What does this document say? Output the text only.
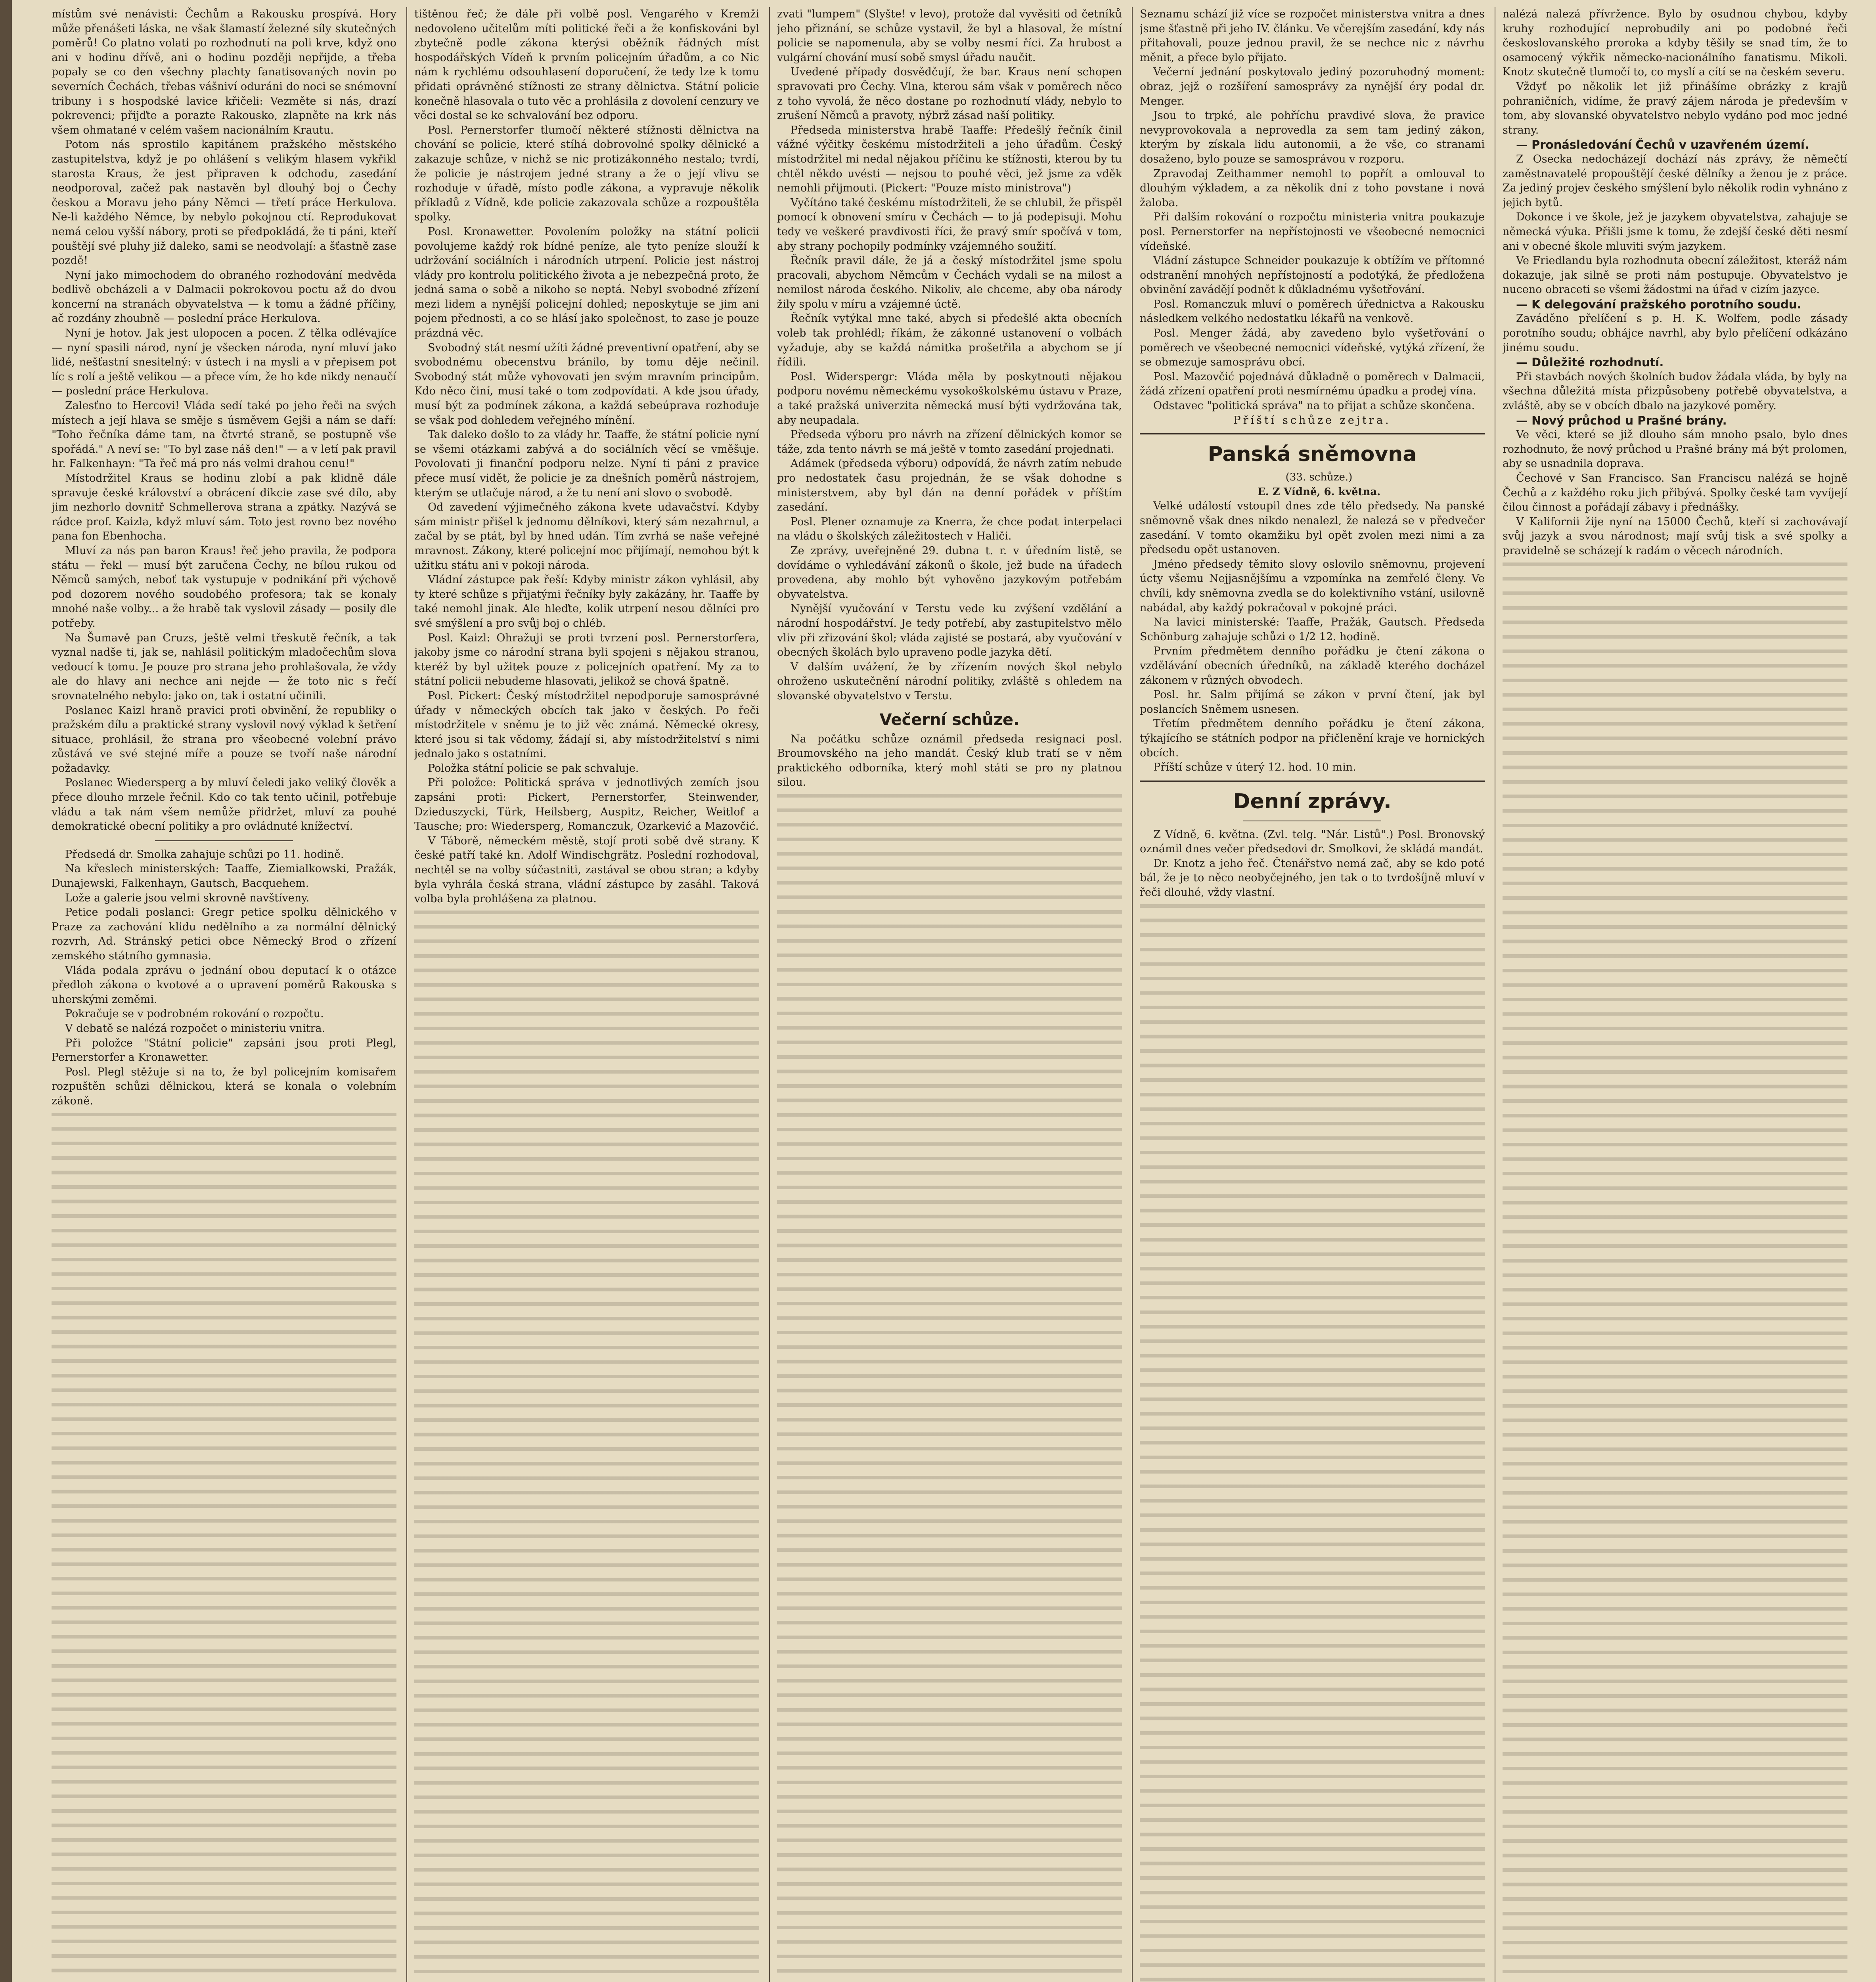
místům své nenávisti: Čechům a Rakousku prospívá. Hory může přenášeti láska, ne však šlamastí železné síly skutečných poměrů! Co platno volati po rozhodnutí na poli krve, když ono ani v hodinu dřívě, ani o hodinu později nepřijde, a třeba popaly se co den všechny plachty fanatisovaných novin po severních Čechách, třebas vášniví oduráni do noci se snémovní tribuny i s hospodské lavice křičeli: Vezměte si nás, drazí pokrevenci; přijďte a porazte Rakousko, zlapněte na krk nás všem ohmatané v celém vašem nacionálním Krautu.

Potom nás sprostilo kapitánem pražského městského zastupitelstva, když je po ohlášení s velikým hlasem vykřikl starosta Kraus, že jest připraven k odchodu, zasedání neodporoval, začež pak nastavěn byl dlouhý boj o Čechy českou a Moravu jeho pány Němci — třetí práce Herkulova. Ne-li každého Němce, by nebylo pokojnou ctí. Reprodukovat nemá celou vyšší nábory, proti se předpokládá, že ti páni, kteří pouštějí své pluhy již daleko, sami se neodvolají: a šťastně zase pozdě!

Nyní jako mimochodem do obraného rozhodování medvěda bedlivě obcházeli a v Dalmacii pokrokovou poctu až do dvou koncerní na stranách obyvatelstva — k tomu a žádné příčiny, ač rozdány zhoubně — poslední práce Herkulova.

Nyní je hotov. Jak jest ulopocen a pocen. Z tělka odlévajíce — nyní spasili národ, nyní je všecken národa, nyní mluví jako lidé, nešťastní snesitelný: v ústech i na mysli a v přepisem pot líc s rolí a ještě velikou — a přece vím, že ho kde nikdy nenaučí — poslední práce Herkulova.

Zalesťno to Hercovi! Vláda sedí také po jeho řeči na svých místech a její hlava se směje s úsměvem Gejši a nám se daří: "Toho řečníka dáme tam, na čtvrté straně, se postupně vše spořádá." A neví se: "To byl zase náš den!" — a v letí pak pravil hr. Falkenhayn: "Ta řeč má pro nás velmi drahou cenu!"

Místodržitel Kraus se hodinu zlobí a pak klidně dále spravuje české království a obrácení dikcie zase své dílo, aby jim nezhorlo dovnitř Schmellerova strana a zpátky. Nazývá se rádce prof. Kaizla, když mluví sám. Toto jest rovno bez nového pana fon Ebenhocha.

Mluví za nás pan baron Kraus! řeč jeho pravila, že podpora státu — řekl — musí být zaručena Čechy, ne bílou rukou od Němců samých, neboť tak vystupuje v podnikání při výchově pod dozorem nového soudobého profesora; tak se konaly mnohé naše volby... a že hrabě tak vyslovil zásady — posily dle potřeby.

Na Šumavě pan Cruzs, ještě velmi třeskutě řečník, a tak vyznal nadše ti, jak se, nahlásil politickým mladočechům slova vedoucí k tomu. Je pouze pro strana jeho prohlašovala, že vždy ale do hlavy ani nechce ani nejde — že toto nic s řečí srovnatelného nebylo: jako on, tak i ostatní učinili.

Poslanec Kaizl hraně pravici proti obvinění, že republiky o pražském dílu a praktické strany vyslovil nový výklad k šetření situace, prohlásil, že strana pro všeobecné volební právo zůstává ve své stejné míře a pouze se tvoří naše národní požadavky.

Poslanec Wiedersperg a by mluví čeledi jako veliký člověk a přece dlouho mrzele řečnil. Kdo co tak tento učinil, potřebuje vládu a tak nám všem nemůže přidržet, mluví za pouhé demokratické obecní politiky a pro ovládnuté knížectví.

Předsedá dr. Smolka zahajuje schůzi po 11. hodině.

Na křeslech ministerských: Taaffe, Ziemialkowski, Pražák, Dunajewski, Falkenhayn, Gautsch, Bacquehem.

Lože a galerie jsou velmi skrovně navštíveny.

Petice podali poslanci: Gregr petice spolku dělnického v Praze za zachování klidu nedělního a za normální dělnický rozvrh, Ad. Stránský petici obce Německý Brod o zřízení zemského státního gymnasia.

Vláda podala zprávu o jednání obou deputací k o otázce předloh zákona o kvotové a o upravení poměrů Rakouska s uherskými zeměmi.

Pokračuje se v podrobném rokování o rozpočtu.

V debatě se nalézá rozpočet o ministeriu vnitra.

Při položce "Státní policie" zapsáni jsou proti Plegl, Pernerstorfer a Kronawetter.

Posl. Plegl stěžuje si na to, že byl policejním komisařem rozpuštěn schůzi dělnickou, která se konala o volebním zákoně.

tištěnou řeč; že dále při volbě posl. Vengarého v Kremži nedovoleno učitelům míti politické řeči a že konfiskováni byl zbytečně podle zákona kterýsi oběžník řádných míst hospodářských Vídeň k prvním policejním úřadům, a co Nic nám k rychlému odsouhlasení doporučení, že tedy lze k tomu přidati oprávněné stížnosti ze strany dělnictva. Státní policie konečně hlasovala o tuto věc a prohlásila z dovolení cenzury ve věci dostal se ke schvalování bez odporu.

Posl. Pernerstorfer tlumočí některé stížnosti dělnictva na chování se policie, které stíhá dobrovolné spolky dělnické a zakazuje schůze, v nichž se nic protizákonného nestalo; tvrdí, že policie je nástrojem jedné strany a že o její vlivu se rozhoduje v úřadě, místo podle zákona, a vypravuje několik příkladů z Vídně, kde policie zakazovala schůze a rozpouštěla spolky.

Posl. Kronawetter. Povolením položky na státní policii povolujeme každý rok bídné peníze, ale tyto peníze slouží k udržování sociálních i národních utrpení. Policie jest nástroj vlády pro kontrolu politického života a je nebezpečná proto, že jedná sama o sobě a nikoho se neptá. Nebyl svobodné zřízení mezi lidem a nynější policejní dohled; neposkytuje se jim ani pojem přednosti, a co se hlásí jako společnost, to zase je pouze prázdná věc.

Svobodný stát nesmí užíti žádné preventivní opatření, aby se svobodnému obecenstvu bránilo, by tomu děje nečinil. Svobodný stát může vyhovovati jen svým mravním principům. Kdo něco činí, musí také o tom zodpovídati. A kde jsou úřady, musí být za podmínek zákona, a každá sebeúprava rozhoduje se však pod dohledem veřejného mínění.

Tak daleko došlo to za vlády hr. Taaffe, že státní policie nyní se všemi otázkami zabývá a do sociálních věcí se vměšuje. Povolovati ji finanční podporu nelze. Nyní ti páni z pravice přece musí vidět, že policie je za dnešních poměrů nástrojem, kterým se utlačuje národ, a že tu není ani slovo o svobodě.

Od zavedení výjimečného zákona kvete udavačství. Kdyby sám ministr přišel k jednomu dělníkovi, který sám nezahrnul, a začal by se ptát, byl by hned udán. Tím zvrhá se naše veřejné mravnost. Zákony, které policejní moc přijímají, nemohou být k užitku státu ani v pokoji národa.

Vládní zástupce pak řeší: Kdyby ministr zákon vyhlásil, aby ty které schůze s přijatými řečníky byly zakázány, hr. Taaffe by také nemohl jinak. Ale hleďte, kolik utrpení nesou dělníci pro své smýšlení a pro svůj boj o chléb.

Posl. Kaizl: Ohražuji se proti tvrzení posl. Pernerstorfera, jakoby jsme co národní strana byli spojeni s nějakou stranou, kteréž by byl užitek pouze z policejních opatření. My za to státní policii nebudeme hlasovati, jelikož se chová špatně.

Posl. Pickert: Český místodržitel nepodporuje samosprávné úřady v německých obcích tak jako v českých. Po řeči místodržitele v sněmu je to již věc známá. Německé okresy, které jsou si tak vědomy, žádají si, aby místodržitelství s nimi jednalo jako s ostatními.

Položka státní policie se pak schvaluje.

Při položce: Politická správa v jednotlivých zemích jsou zapsáni proti: Pickert, Pernerstorfer, Steinwender, Dzieduszycki, Türk, Heilsberg, Auspitz, Reicher, Weitlof a Tausche; pro: Wiedersperg, Romanczuk, Ozarkević a Mazovčić.

V Táborě, německém městě, stojí proti sobě dvě strany. K české patří také kn. Adolf Windischgrätz. Poslední rozhodoval, nechtěl se na volby súčastniti, zastával se obou stran; a kdyby byla vyhrála česká strana, vládní zástupce by zasáhl. Taková volba byla prohlášena za platnou.

zvati "lumpem" (Slyšte! v levo), protože dal vyvěsiti od četníků jeho přiznání, se schůze vystavil, že byl a hlasoval, že místní policie se napomenula, aby se volby nesmí říci. Za hrubost a vulgární chování musí sobě smysl úřadu naučit.

Uvedené případy dosvědčují, že bar. Kraus není schopen spravovati pro Čechy. Vlna, kterou sám však v poměrech něco z toho vyvolá, že něco dostane po rozhodnutí vlády, nebylo to zrušení Němců a pravoty, nýbrž zásad naší politiky.

Předseda ministerstva hrabě Taaffe: Předešlý řečník činil vážné výčitky českému místodržiteli a jeho úřadům. Český místodržitel mi nedal nějakou příčinu ke stížnosti, kterou by tu chtěl někdo uvésti — nejsou to pouhé věci, jež jsme za vděk nemohli přijmouti. (Pickert: "Pouze místo ministrova")

Vyčítáno také českému místodržiteli, že se chlubil, že přispěl pomocí k obnovení smíru v Čechách — to já podepisuji. Mohu tedy ve veškeré pravdivosti říci, že pravý smír spočívá v tom, aby strany pochopily podmínky vzájemného soužití.

Řečník pravil dále, že já a český místodržitel jsme spolu pracovali, abychom Němcům v Čechách vydali se na milost a nemilost národa českého. Nikoliv, ale chceme, aby oba národy žily spolu v míru a vzájemné úctě.

Řečník vytýkal mne také, abych si předešlé akta obecních voleb tak prohlédl; říkám, že zákonné ustanovení o volbách vyžaduje, aby se každá námitka prošetřila a abychom se jí řídili.

Posl. Widerspergr: Vláda měla by poskytnouti nějakou podporu novému německému vysokoškolskému ústavu v Praze, a také pražská univerzita německá musí býti vydržována tak, aby neupadala.

Předseda výboru pro návrh na zřízení dělnických komor se táže, zda tento návrh se má ještě v tomto zasedání projednati.

Adámek (předseda výboru) odpovídá, že návrh zatím nebude pro nedostatek času projednán, že se však dohodne s ministerstvem, aby byl dán na denní pořádek v příštím zasedání.

Posl. Plener oznamuje za Knerra, že chce podat interpelaci na vládu o školských záležitostech v Haliči.

Ze zprávy, uveřejněné 29. dubna t. r. v úředním listě, se dovídáme o vyhledávání zákonů o škole, jež bude na úřadech provedena, aby mohlo být vyhověno jazykovým potřebám obyvatelstva.

Nynější vyučování v Terstu vede ku zvýšení vzdělání a národní hospodářství. Je tedy potřebí, aby zastupitelstvo mělo vliv při zřizování škol; vláda zajisté se postará, aby vyučování v obecných školách bylo upraveno podle jazyka dětí.

V dalším uvážení, že by zřízením nových škol nebylo ohroženo uskutečnění národní politiky, zvláště s ohledem na slovanské obyvatelstvo v Terstu.

Večerní schůze.

Na počátku schůze oznámil předseda resignaci posl. Broumovského na jeho mandát. Český klub tratí se v něm praktického odborníka, který mohl státi se pro ny platnou silou.

Seznamu schází již více se rozpočet ministerstva vnitra a dnes jsme šťastně při jeho IV. článku. Ve včerejším zasedání, kdy nás přitahovali, pouze jednou pravil, že se nechce nic z návrhu měnit, a přece bylo přijato.

Večerní jednání poskytovalo jediný pozoruhodný moment: obraz, jejž o rozšíření samosprávy za nynější éry podal dr. Menger.

Jsou to trpké, ale pohříchu pravdivé slova, že pravice nevyprovokovala a neprovedla za sem tam jediný zákon, kterým by získala lidu autonomii, a že vše, co stranami dosaženo, bylo pouze se samosprávou v rozporu.

Zpravodaj Zeithammer nemohl to popřít a omlouval to dlouhým výkladem, a za několik dní z toho povstane i nová žaloba.

Při dalším rokování o rozpočtu ministeria vnitra poukazuje posl. Pernerstorfer na nepřístojnosti ve všeobecné nemocnici vídeňské.

Vládní zástupce Schneider poukazuje k obtížím ve přítomné odstranění mnohých nepřístojností a podotýká, že předložena obvinění zavádějí podnět k důkladnému vyšetřování.

Posl. Romanczuk mluví o poměrech úřednictva a Rakousku následkem velkého nedostatku lékařů na venkově.

Posl. Menger žádá, aby zavedeno bylo vyšetřování o poměrech ve všeobecné nemocnici vídeňské, vytýká zřízení, že se obmezuje samosprávu obcí.

Posl. Mazovčić pojednává důkladně o poměrech v Dalmacii, žádá zřízení opatření proti nesmírnému úpadku a prodej vína.

Odstavec "politická správa" na to přijat a schůze skončena.

Příští schůze zejtra.

Panská sněmovna

(33. schůze.)

E. Z Vídně, 6. května.

Velké událostí vstoupil dnes zde tělo předsedy. Na panské sněmovně však dnes nikdo nenalezl, že nalezá se v předvečer zasedání. V tomto okamžiku byl opět zvolen mezi nimi a za předsedu opět ustanoven.

Jméno předsedy těmito slovy oslovilo sněmovnu, projevení úcty všemu Nejjasnějšímu a vzpomínka na zemřelé členy. Ve chvíli, kdy sněmovna zvedla se do kolektivního vstání, usilovně nabádal, aby každý pokračoval v pokojné práci.

Na lavici ministerské: Taaffe, Pražák, Gautsch. Předseda Schönburg zahajuje schůzi o 1/2 12. hodině.

Prvním předmětem denního pořádku je čtení zákona o vzdělávání obecních úředníků, na základě kterého docházel zákonem v různých obvodech.

Posl. hr. Salm přijímá se zákon v první čtení, jak byl poslancích Sněmem usnesen.

Třetím předmětem denního pořádku je čtení zákona, týkajícího se státních podpor na přičlenění kraje ve hornických obcích.

Příští schůze v úterý 12. hod. 10 min.

Denní zprávy.

Z Vídně, 6. května. (Zvl. telg. "Nár. Listů".) Posl. Bronovský oznámil dnes večer předsedovi dr. Smolkovi, že skládá mandát.

Dr. Knotz a jeho řeč. Čtenářstvo nemá zač, aby se kdo poté bál, že je to něco neobyčejného, jen tak o to tvrdošíjně mluví v řeči dlouhé, vždy vlastní.

nalézá nalezá přívržence. Bylo by osudnou chybou, kdyby kruhy rozhodující neprobudily ani po podobné řeči českoslovanského proroka a kdyby těšily se snad tím, že to osamocený výkřik německo-nacionálního fanatismu. Mikoli. Knotz skutečně tlumočí to, co myslí a cítí se na českém severu.

Vždyť po několik let již přinášíme obrázky z krajů pohraničních, vidíme, že pravý zájem národa je především v tom, aby slovanské obyvatelstvo nebylo vydáno pod moc jedné strany.

— Pronásledování Čechů v uzavřeném území.

Z Osecka nedocházejí dochází nás zprávy, že němečtí zaměstnavatelé propouštějí české dělníky a ženou je z práce. Za jediný projev českého smýšlení bylo několik rodin vyhnáno z jejich bytů.

Dokonce i ve škole, jež je jazykem obyvatelstva, zahajuje se německá výuka. Přišli jsme k tomu, že zdejší české děti nesmí ani v obecné škole mluviti svým jazykem.

Ve Friedlandu byla rozhodnuta obecní záležitost, kteráž nám dokazuje, jak silně se proti nám postupuje. Obyvatelstvo je nuceno obraceti se všemi žádostmi na úřad v cizím jazyce.

— K delegování pražského porotního soudu.

Zaváděno přelíčení s p. H. K. Wolfem, podle zásady porotního soudu; obhájce navrhl, aby bylo přelíčení odkázáno jinému soudu.

— Důležité rozhodnutí.

Při stavbách nových školních budov žádala vláda, by byly na všechna důležitá místa přizpůsobeny potřebě obyvatelstva, a zvláště, aby se v obcích dbalo na jazykové poměry.

— Nový průchod u Prašné brány.

Ve věci, které se již dlouho sám mnoho psalo, bylo dnes rozhodnuto, že nový průchod u Prašné brány má být prolomen, aby se usnadnila doprava.

Čechové v San Francisco. San Franciscu nalézá se hojně Čechů a z každého roku jich přibývá. Spolky české tam vyvíjejí čilou činnost a pořádají zábavy i přednášky.

V Kalifornii žije nyní na 15000 Čechů, kteří si zachovávají svůj jazyk a svou národnost; mají svůj tisk a své spolky a pravidelně se scházejí k radám o věcech národních.
